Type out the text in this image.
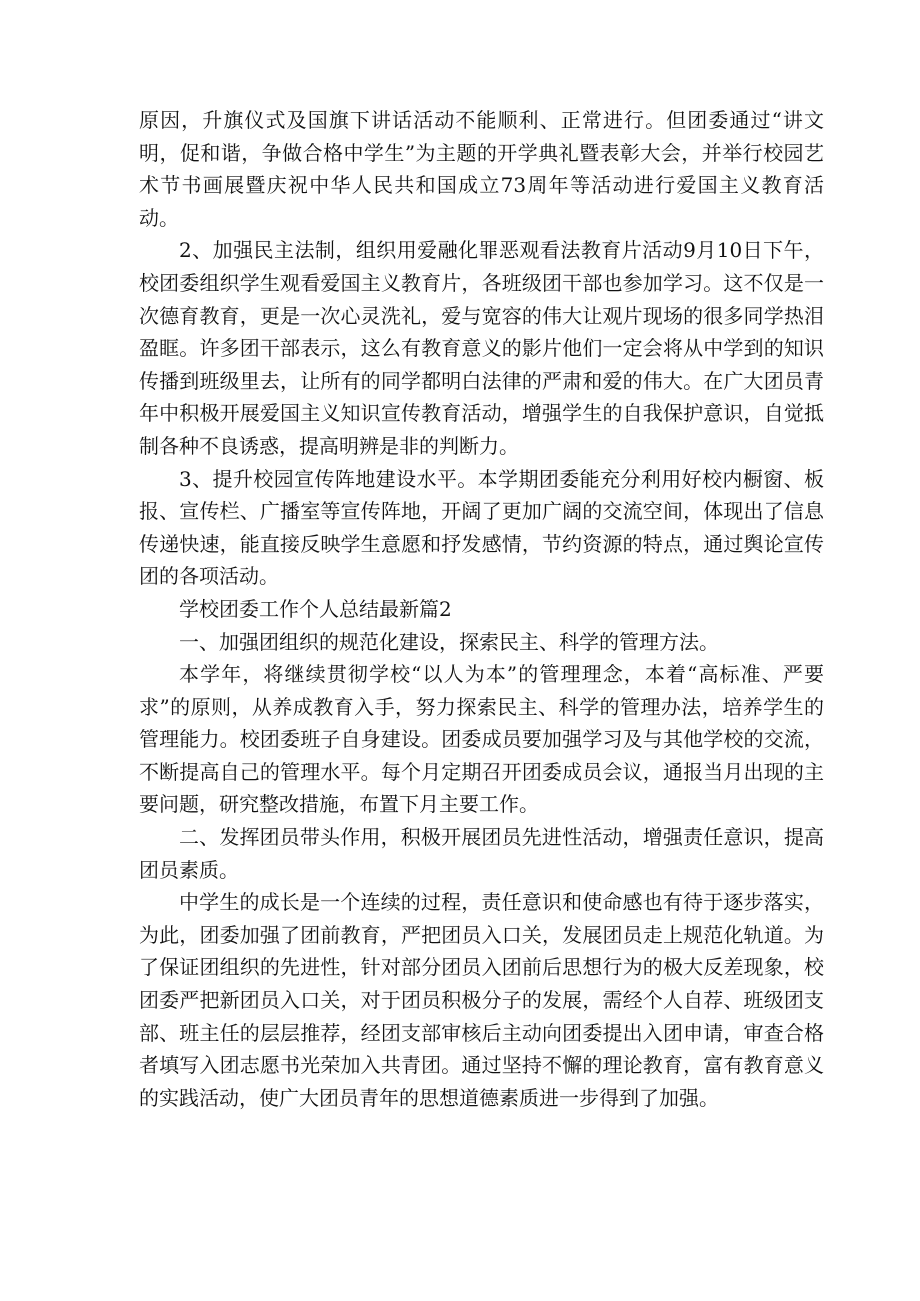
原因，升旗仪式及国旗下讲话活动不能顺利、正常进行。但团委通过“讲文明，促和谐，争做合格中学生”为主题的开学典礼暨表彰大会，并举行校园艺术节书画展暨庆祝中华人民共和国成立73周年等活动进行爱国主义教育活动。

2、加强民主法制，组织用爱融化罪恶观看法教育片活动9月10日下午，校团委组织学生观看爱国主义教育片，各班级团干部也参加学习。这不仅是一次德育教育，更是一次心灵洗礼，爱与宽容的伟大让观片现场的很多同学热泪盈眶。许多团干部表示，这么有教育意义的影片他们一定会将从中学到的知识传播到班级里去，让所有的同学都明白法律的严肃和爱的伟大。在广大团员青年中积极开展爱国主义知识宣传教育活动，增强学生的自我保护意识，自觉抵制各种不良诱惑，提高明辨是非的判断力。

3、提升校园宣传阵地建设水平。本学期团委能充分利用好校内橱窗、板报、宣传栏、广播室等宣传阵地，开阔了更加广阔的交流空间，体现出了信息传递快速，能直接反映学生意愿和抒发感情，节约资源的特点，通过舆论宣传团的各项活动。

学校团委工作个人总结最新篇2

一、加强团组织的规范化建设，探索民主、科学的管理方法。

本学年，将继续贯彻学校“以人为本”的管理理念，本着“高标准、严要求”的原则，从养成教育入手，努力探索民主、科学的管理办法，培养学生的管理能力。校团委班子自身建设。团委成员要加强学习及与其他学校的交流，不断提高自己的管理水平。每个月定期召开团委成员会议，通报当月出现的主要问题，研究整改措施，布置下月主要工作。

二、发挥团员带头作用，积极开展团员先进性活动，增强责任意识，提高团员素质。

中学生的成长是一个连续的过程，责任意识和使命感也有待于逐步落实，为此，团委加强了团前教育，严把团员入口关，发展团员走上规范化轨道。为了保证团组织的先进性，针对部分团员入团前后思想行为的极大反差现象，校团委严把新团员入口关，对于团员积极分子的发展，需经个人自荐、班级团支部、班主任的层层推荐，经团支部审核后主动向团委提出入团申请，审查合格者填写入团志愿书光荣加入共青团。通过坚持不懈的理论教育，富有教育意义的实践活动，使广大团员青年的思想道德素质进一步得到了加强。
